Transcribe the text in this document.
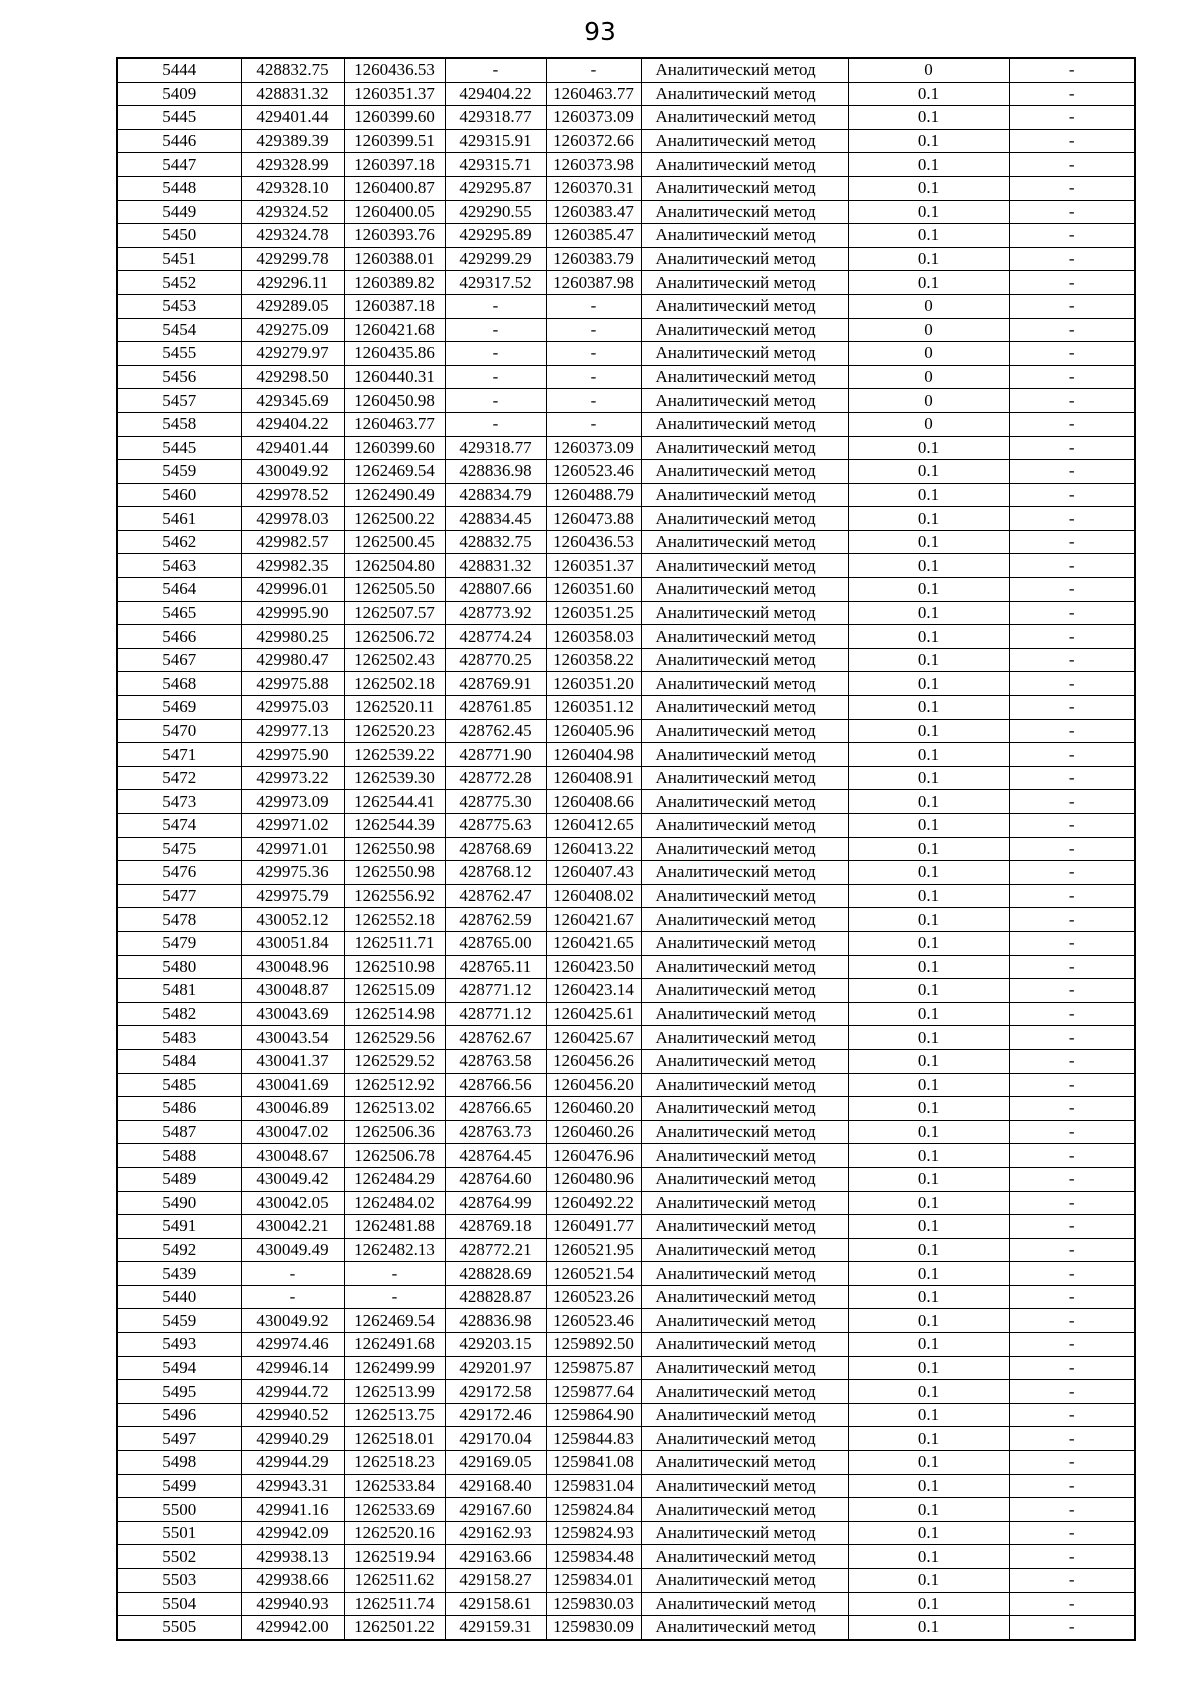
93
5444	428832.75	1260436.53	-	-	Аналитический метод	0	-
5409	428831.32	1260351.37	429404.22	1260463.77	Аналитический метод	0.1	-
5445	429401.44	1260399.60	429318.77	1260373.09	Аналитический метод	0.1	-
5446	429389.39	1260399.51	429315.91	1260372.66	Аналитический метод	0.1	-
5447	429328.99	1260397.18	429315.71	1260373.98	Аналитический метод	0.1	-
5448	429328.10	1260400.87	429295.87	1260370.31	Аналитический метод	0.1	-
5449	429324.52	1260400.05	429290.55	1260383.47	Аналитический метод	0.1	-
5450	429324.78	1260393.76	429295.89	1260385.47	Аналитический метод	0.1	-
5451	429299.78	1260388.01	429299.29	1260383.79	Аналитический метод	0.1	-
5452	429296.11	1260389.82	429317.52	1260387.98	Аналитический метод	0.1	-
5453	429289.05	1260387.18	-	-	Аналитический метод	0	-
5454	429275.09	1260421.68	-	-	Аналитический метод	0	-
5455	429279.97	1260435.86	-	-	Аналитический метод	0	-
5456	429298.50	1260440.31	-	-	Аналитический метод	0	-
5457	429345.69	1260450.98	-	-	Аналитический метод	0	-
5458	429404.22	1260463.77	-	-	Аналитический метод	0	-
5445	429401.44	1260399.60	429318.77	1260373.09	Аналитический метод	0.1	-
5459	430049.92	1262469.54	428836.98	1260523.46	Аналитический метод	0.1	-
5460	429978.52	1262490.49	428834.79	1260488.79	Аналитический метод	0.1	-
5461	429978.03	1262500.22	428834.45	1260473.88	Аналитический метод	0.1	-
5462	429982.57	1262500.45	428832.75	1260436.53	Аналитический метод	0.1	-
5463	429982.35	1262504.80	428831.32	1260351.37	Аналитический метод	0.1	-
5464	429996.01	1262505.50	428807.66	1260351.60	Аналитический метод	0.1	-
5465	429995.90	1262507.57	428773.92	1260351.25	Аналитический метод	0.1	-
5466	429980.25	1262506.72	428774.24	1260358.03	Аналитический метод	0.1	-
5467	429980.47	1262502.43	428770.25	1260358.22	Аналитический метод	0.1	-
5468	429975.88	1262502.18	428769.91	1260351.20	Аналитический метод	0.1	-
5469	429975.03	1262520.11	428761.85	1260351.12	Аналитический метод	0.1	-
5470	429977.13	1262520.23	428762.45	1260405.96	Аналитический метод	0.1	-
5471	429975.90	1262539.22	428771.90	1260404.98	Аналитический метод	0.1	-
5472	429973.22	1262539.30	428772.28	1260408.91	Аналитический метод	0.1	-
5473	429973.09	1262544.41	428775.30	1260408.66	Аналитический метод	0.1	-
5474	429971.02	1262544.39	428775.63	1260412.65	Аналитический метод	0.1	-
5475	429971.01	1262550.98	428768.69	1260413.22	Аналитический метод	0.1	-
5476	429975.36	1262550.98	428768.12	1260407.43	Аналитический метод	0.1	-
5477	429975.79	1262556.92	428762.47	1260408.02	Аналитический метод	0.1	-
5478	430052.12	1262552.18	428762.59	1260421.67	Аналитический метод	0.1	-
5479	430051.84	1262511.71	428765.00	1260421.65	Аналитический метод	0.1	-
5480	430048.96	1262510.98	428765.11	1260423.50	Аналитический метод	0.1	-
5481	430048.87	1262515.09	428771.12	1260423.14	Аналитический метод	0.1	-
5482	430043.69	1262514.98	428771.12	1260425.61	Аналитический метод	0.1	-
5483	430043.54	1262529.56	428762.67	1260425.67	Аналитический метод	0.1	-
5484	430041.37	1262529.52	428763.58	1260456.26	Аналитический метод	0.1	-
5485	430041.69	1262512.92	428766.56	1260456.20	Аналитический метод	0.1	-
5486	430046.89	1262513.02	428766.65	1260460.20	Аналитический метод	0.1	-
5487	430047.02	1262506.36	428763.73	1260460.26	Аналитический метод	0.1	-
5488	430048.67	1262506.78	428764.45	1260476.96	Аналитический метод	0.1	-
5489	430049.42	1262484.29	428764.60	1260480.96	Аналитический метод	0.1	-
5490	430042.05	1262484.02	428764.99	1260492.22	Аналитический метод	0.1	-
5491	430042.21	1262481.88	428769.18	1260491.77	Аналитический метод	0.1	-
5492	430049.49	1262482.13	428772.21	1260521.95	Аналитический метод	0.1	-
5439	-	-	428828.69	1260521.54	Аналитический метод	0.1	-
5440	-	-	428828.87	1260523.26	Аналитический метод	0.1	-
5459	430049.92	1262469.54	428836.98	1260523.46	Аналитический метод	0.1	-
5493	429974.46	1262491.68	429203.15	1259892.50	Аналитический метод	0.1	-
5494	429946.14	1262499.99	429201.97	1259875.87	Аналитический метод	0.1	-
5495	429944.72	1262513.99	429172.58	1259877.64	Аналитический метод	0.1	-
5496	429940.52	1262513.75	429172.46	1259864.90	Аналитический метод	0.1	-
5497	429940.29	1262518.01	429170.04	1259844.83	Аналитический метод	0.1	-
5498	429944.29	1262518.23	429169.05	1259841.08	Аналитический метод	0.1	-
5499	429943.31	1262533.84	429168.40	1259831.04	Аналитический метод	0.1	-
5500	429941.16	1262533.69	429167.60	1259824.84	Аналитический метод	0.1	-
5501	429942.09	1262520.16	429162.93	1259824.93	Аналитический метод	0.1	-
5502	429938.13	1262519.94	429163.66	1259834.48	Аналитический метод	0.1	-
5503	429938.66	1262511.62	429158.27	1259834.01	Аналитический метод	0.1	-
5504	429940.93	1262511.74	429158.61	1259830.03	Аналитический метод	0.1	-
5505	429942.00	1262501.22	429159.31	1259830.09	Аналитический метод	0.1	-
